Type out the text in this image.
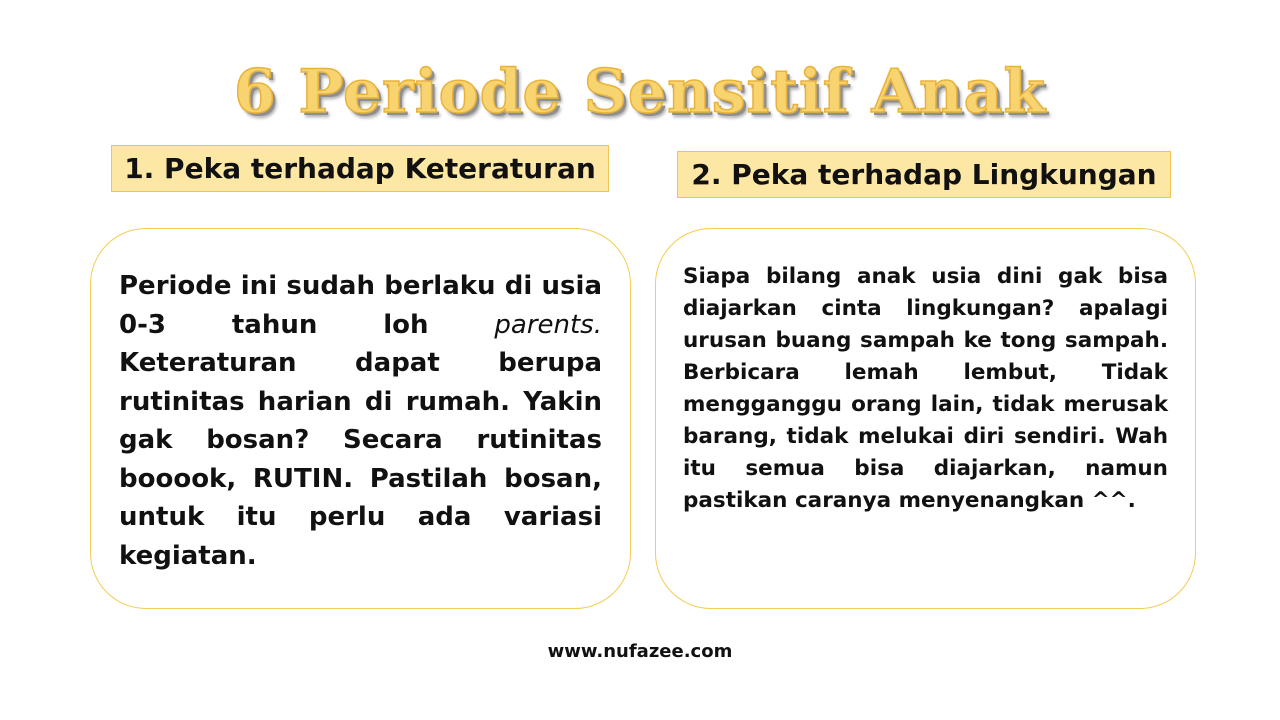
6 Periode Sensitif Anak
1. Peka terhadap Keteraturan	2. Peka terhadap Lingkungan

Periode ini sudah berlaku di usia 0-3 tahun loh parents. Keteraturan dapat berupa rutinitas harian di rumah. Yakin gak bosan? Secara rutinitas booook, RUTIN. Pastilah bosan, untuk itu perlu ada variasi kegiatan.

Siapa bilang anak usia dini gak bisa diajarkan cinta lingkungan? apalagi urusan buang sampah ke tong sampah. Berbicara lemah lembut, Tidak mengganggu orang lain, tidak merusak barang, tidak melukai diri sendiri. Wah itu semua bisa diajarkan, namun pastikan caranya menyenangkan ^^.

www.nufazee.com
